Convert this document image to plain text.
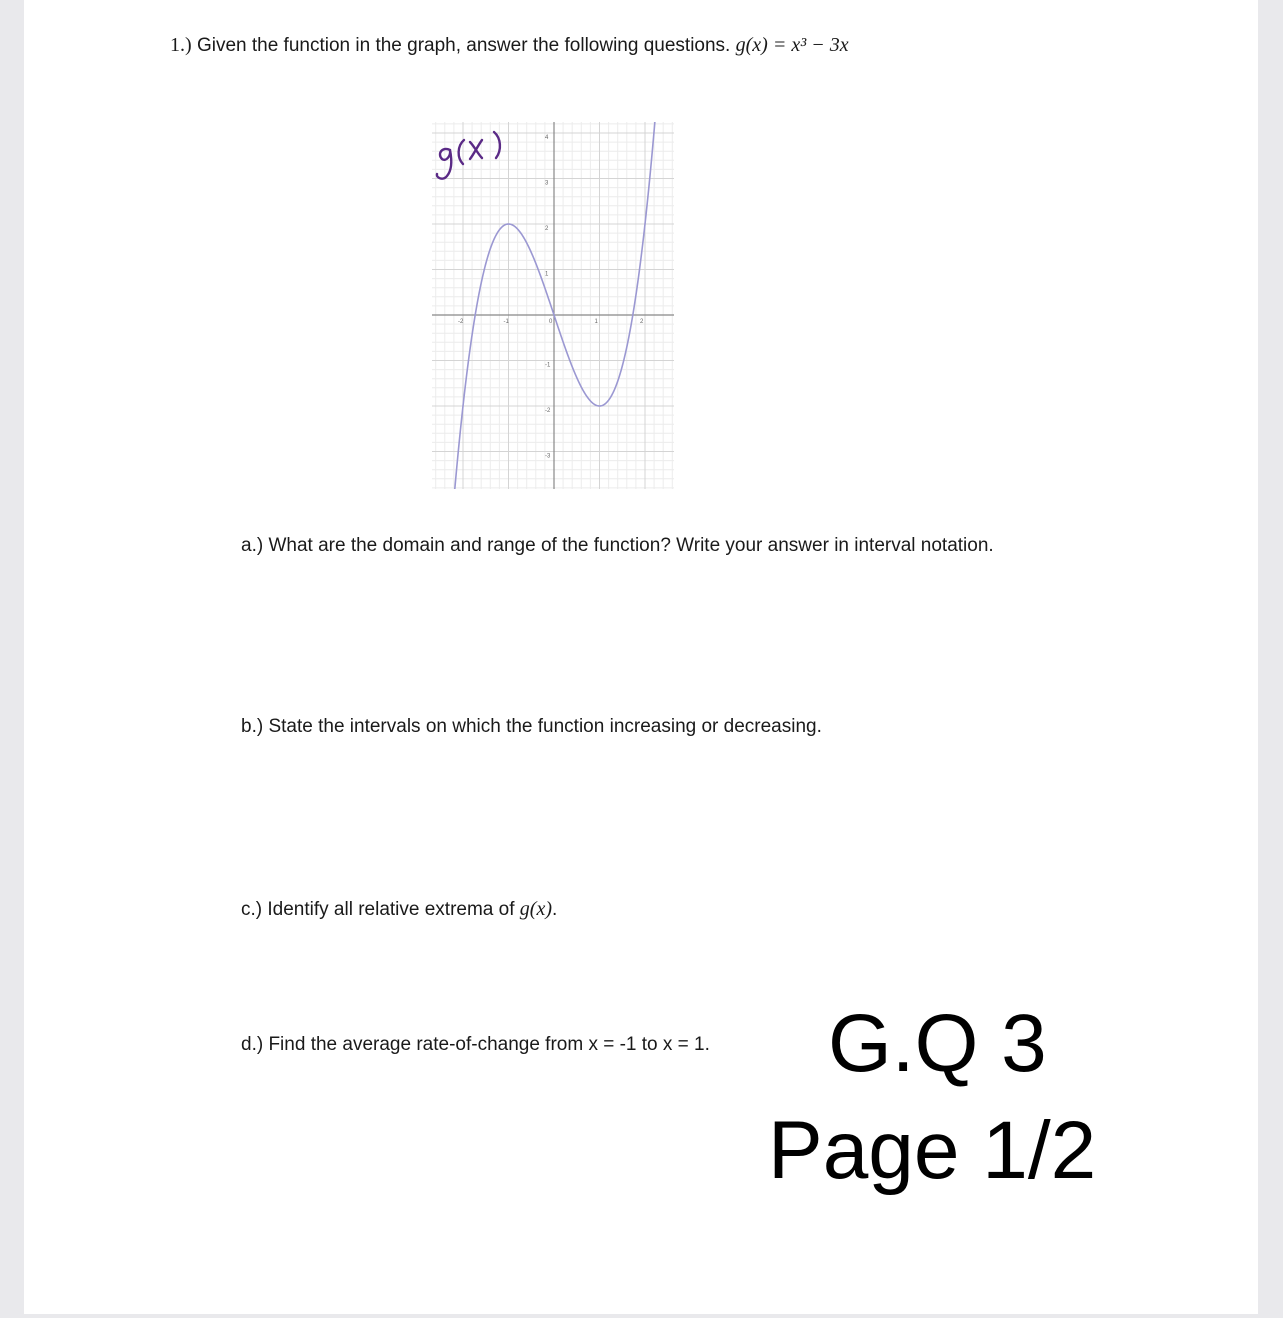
1.) Given the function in the graph, answer the following questions. g(x) = x³ − 3x
-2	-1	0	1	2
4
3
2
1
-1
-2
-3
a.) What are the domain and range of the function? Write your answer in interval notation.
b.) State the intervals on which the function increasing or decreasing.
c.) Identify all relative extrema of g(x).
d.) Find the average rate-of-change from x = -1 to x = 1. G.Q 3
Page 1/2
